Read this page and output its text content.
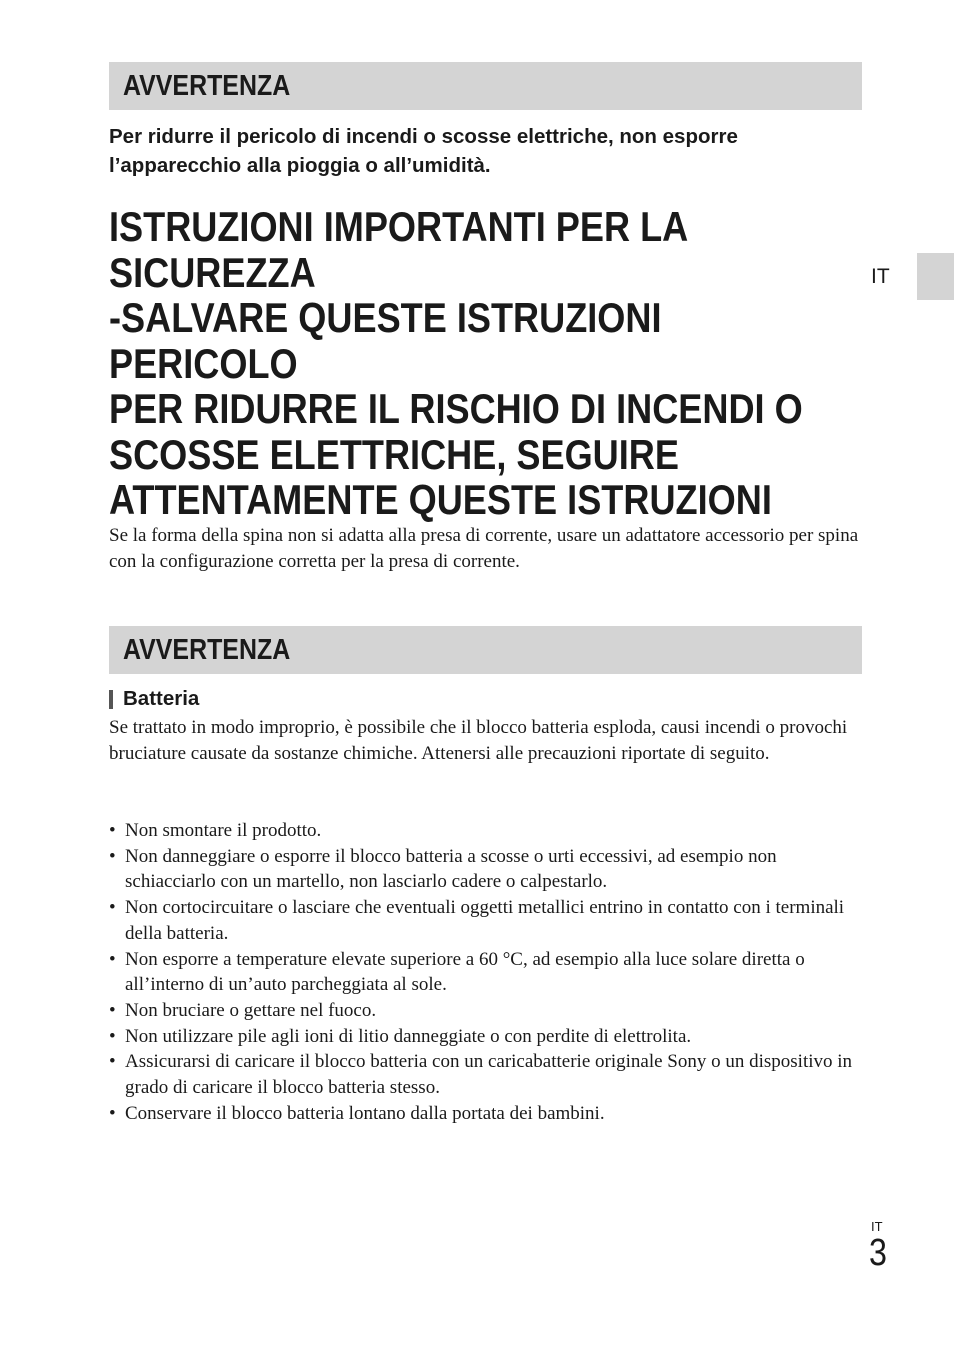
AVVERTENZA
Per ridurre il pericolo di incendi o scosse elettriche, non esporre l’apparecchio alla pioggia o all’umidità.
ISTRUZIONI IMPORTANTI PER LA
SICUREZZA
-SALVARE QUESTE ISTRUZIONI
PERICOLO
PER RIDURRE IL RISCHIO DI INCENDI O
SCOSSE ELETTRICHE, SEGUIRE
ATTENTAMENTE QUESTE ISTRUZIONI
Se la forma della spina non si adatta alla presa di corrente, usare un adattatore accessorio per spina con la configurazione corretta per la presa di corrente.
AVVERTENZA
Batteria
Se trattato in modo improprio, è possibile che il blocco batteria esploda, causi incendi o provochi bruciature causate da sostanze chimiche. Attenersi alle precauzioni riportate di seguito.
• Non smontare il prodotto.
• Non danneggiare o esporre il blocco batteria a scosse o urti eccessivi, ad esempio non schiacciarlo con un martello, non lasciarlo cadere o calpestarlo.
• Non cortocircuitare o lasciare che eventuali oggetti metallici entrino in contatto con i terminali della batteria.
• Non esporre a temperature elevate superiore a 60 °C, ad esempio alla luce solare diretta o all’interno di un’auto parcheggiata al sole.
• Non bruciare o gettare nel fuoco.
• Non utilizzare pile agli ioni di litio danneggiate o con perdite di elettrolita.
• Assicurarsi di caricare il blocco batteria con un caricabatterie originale Sony o un dispositivo in grado di caricare il blocco batteria stesso.
• Conservare il blocco batteria lontano dalla portata dei bambini.
IT
IT
3
